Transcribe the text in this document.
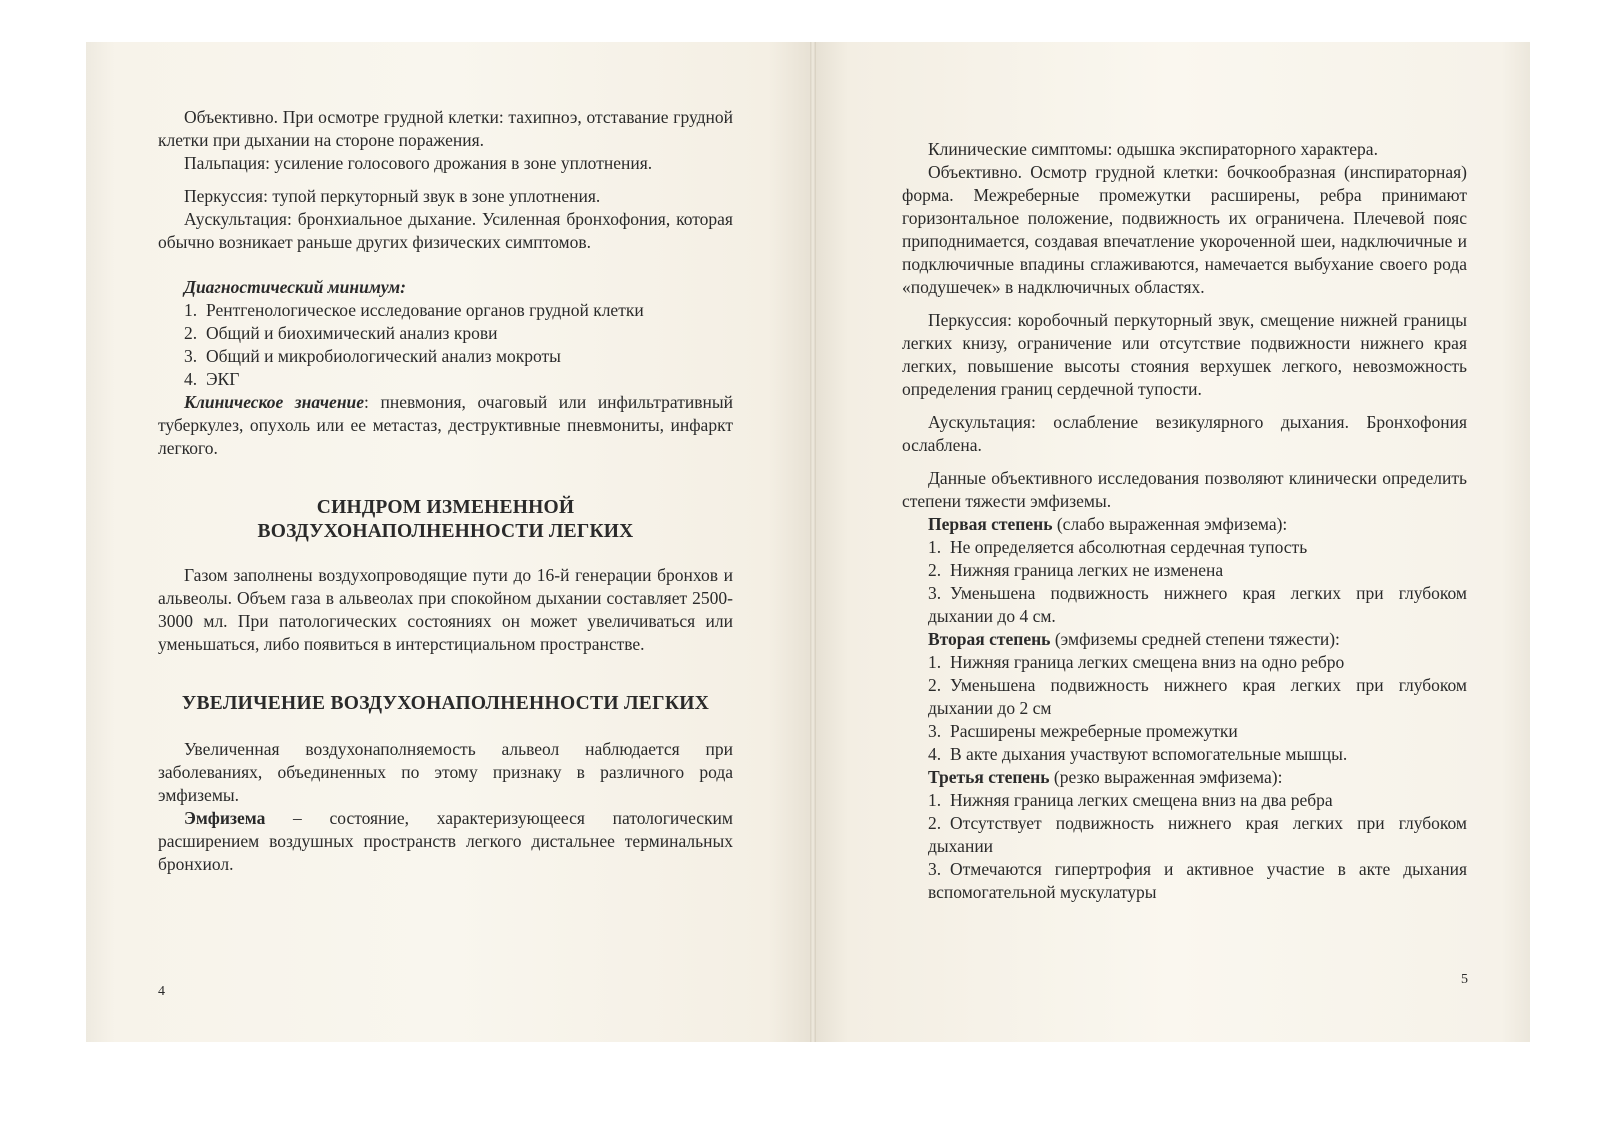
Объективно. При осмотре грудной клетки: тахипноэ, отставание грудной клетки при дыхании на стороне поражения.

Пальпация: усиление голосового дрожания в зоне уплотнения.

Перкуссия: тупой перкуторный звук в зоне уплотнения.

Аускультация: бронхиальное дыхание. Усиленная бронхофония, которая обычно возникает раньше других физических симптомов.

Диагностический минимум:

1. Рентгенологическое исследование органов грудной клетки
2. Общий и биохимический анализ крови
3. Общий и микробиологический анализ мокроты
4. ЭКГ

Клиническое значение: пневмония, очаговый или инфильтративный туберкулез, опухоль или ее метастаз, деструктивные пневмониты, инфаркт легкого.

СИНДРОМ ИЗМЕНЕННОЙ
ВОЗДУХОНАПОЛНЕННОСТИ ЛЕГКИХ

Газом заполнены воздухопроводящие пути до 16-й генерации бронхов и альвеолы. Объем газа в альвеолах при спокойном дыхании составляет 2500-3000 мл. При патологических состояниях он может увеличиваться или уменьшаться, либо появиться в интерстициальном пространстве.

УВЕЛИЧЕНИЕ ВОЗДУХОНАПОЛНЕННОСТИ ЛЕГКИХ

Увеличенная воздухонаполняемость альвеол наблюдается при заболеваниях, объединенных по этому признаку в различного рода эмфиземы.

Эмфизема – состояние, характеризующееся патологическим расширением воздушных пространств легкого дистальнее терминальных бронхиол.

4

Клинические симптомы: одышка экспираторного характера.

Объективно. Осмотр грудной клетки: бочкообразная (инспираторная) форма. Межреберные промежутки расширены, ребра принимают горизонтальное положение, подвижность их ограничена. Плечевой пояс приподнимается, создавая впечатление укороченной шеи, надключичные и подключичные впадины сглаживаются, намечается выбухание своего рода «подушечек» в надключичных областях.

Перкуссия: коробочный перкуторный звук, смещение нижней границы легких книзу, ограничение или отсутствие подвижности нижнего края легких, повышение высоты стояния верхушек легкого, невозможность определения границ сердечной тупости.

Аускультация: ослабление везикулярного дыхания. Бронхофония ослаблена.

Данные объективного исследования позволяют клинически определить степени тяжести эмфиземы.

Первая степень (слабо выраженная эмфизема):

1. Не определяется абсолютная сердечная тупость
2. Нижняя граница легких не изменена
3. Уменьшена подвижность нижнего края легких при глубоком дыхании до 4 см.

Вторая степень (эмфиземы средней степени тяжести):

1. Нижняя граница легких смещена вниз на одно ребро
2. Уменьшена подвижность нижнего края легких при глубоком дыхании до 2 см
3. Расширены межреберные промежутки
4. В акте дыхания участвуют вспомогательные мышцы.

Третья степень (резко выраженная эмфизема):

1. Нижняя граница легких смещена вниз на два ребра
2. Отсутствует подвижность нижнего края легких при глубоком дыхании
3. Отмечаются гипертрофия и активное участие в акте дыхания вспомогательной мускулатуры
5
